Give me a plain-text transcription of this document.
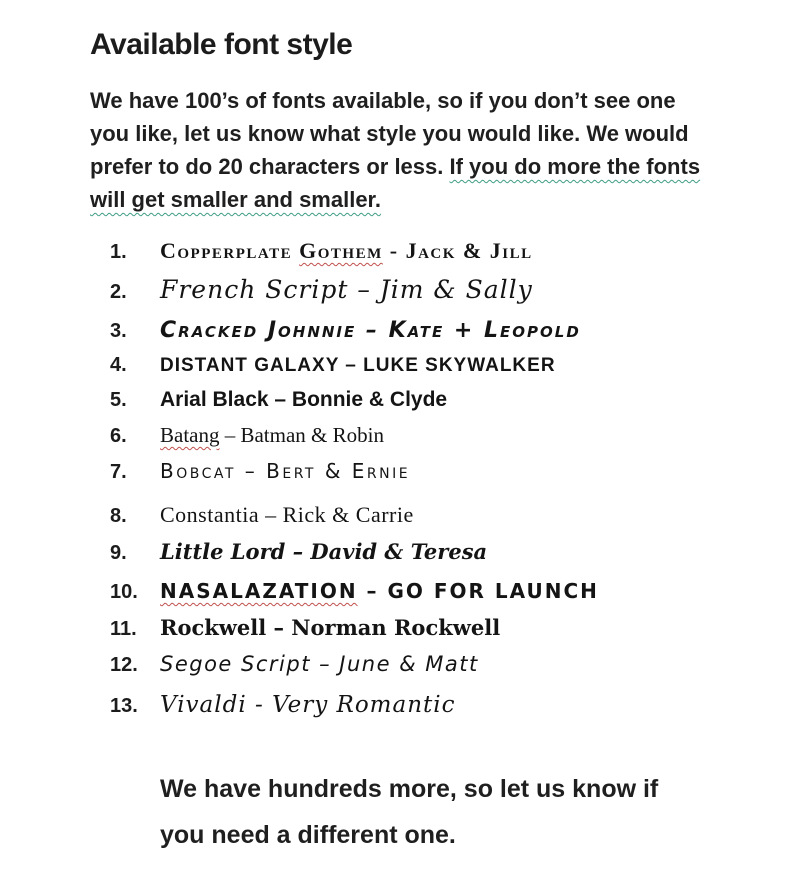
Available font style

We have 100’s of fonts available, so if you don’t see one you like, let us know what style you would like. We would prefer to do 20 characters or less. If you do more the fonts will get smaller and smaller.

1.	Copperplate Gothem - Jack & Jill
2.	French Script – Jim & Sally
3.	Cracked Johnnie – Kate + Leopold
4.	DISTANT GALAXY – LUKE SKYWALKER
5.	Arial Black – Bonnie & Clyde
6.	Batang – Batman & Robin
7.	Bobcat – Bert & Ernie
8.	Constantia – Rick & Carrie
9.	Little Lord – David & Teresa
10.	NASALAZATION – GO FOR LAUNCH
11.	Rockwell – Norman Rockwell
12.	Segoe Script – June & Matt
13. Vivaldi - Very Romantic

We have hundreds more, so let us know if you need a different one.
